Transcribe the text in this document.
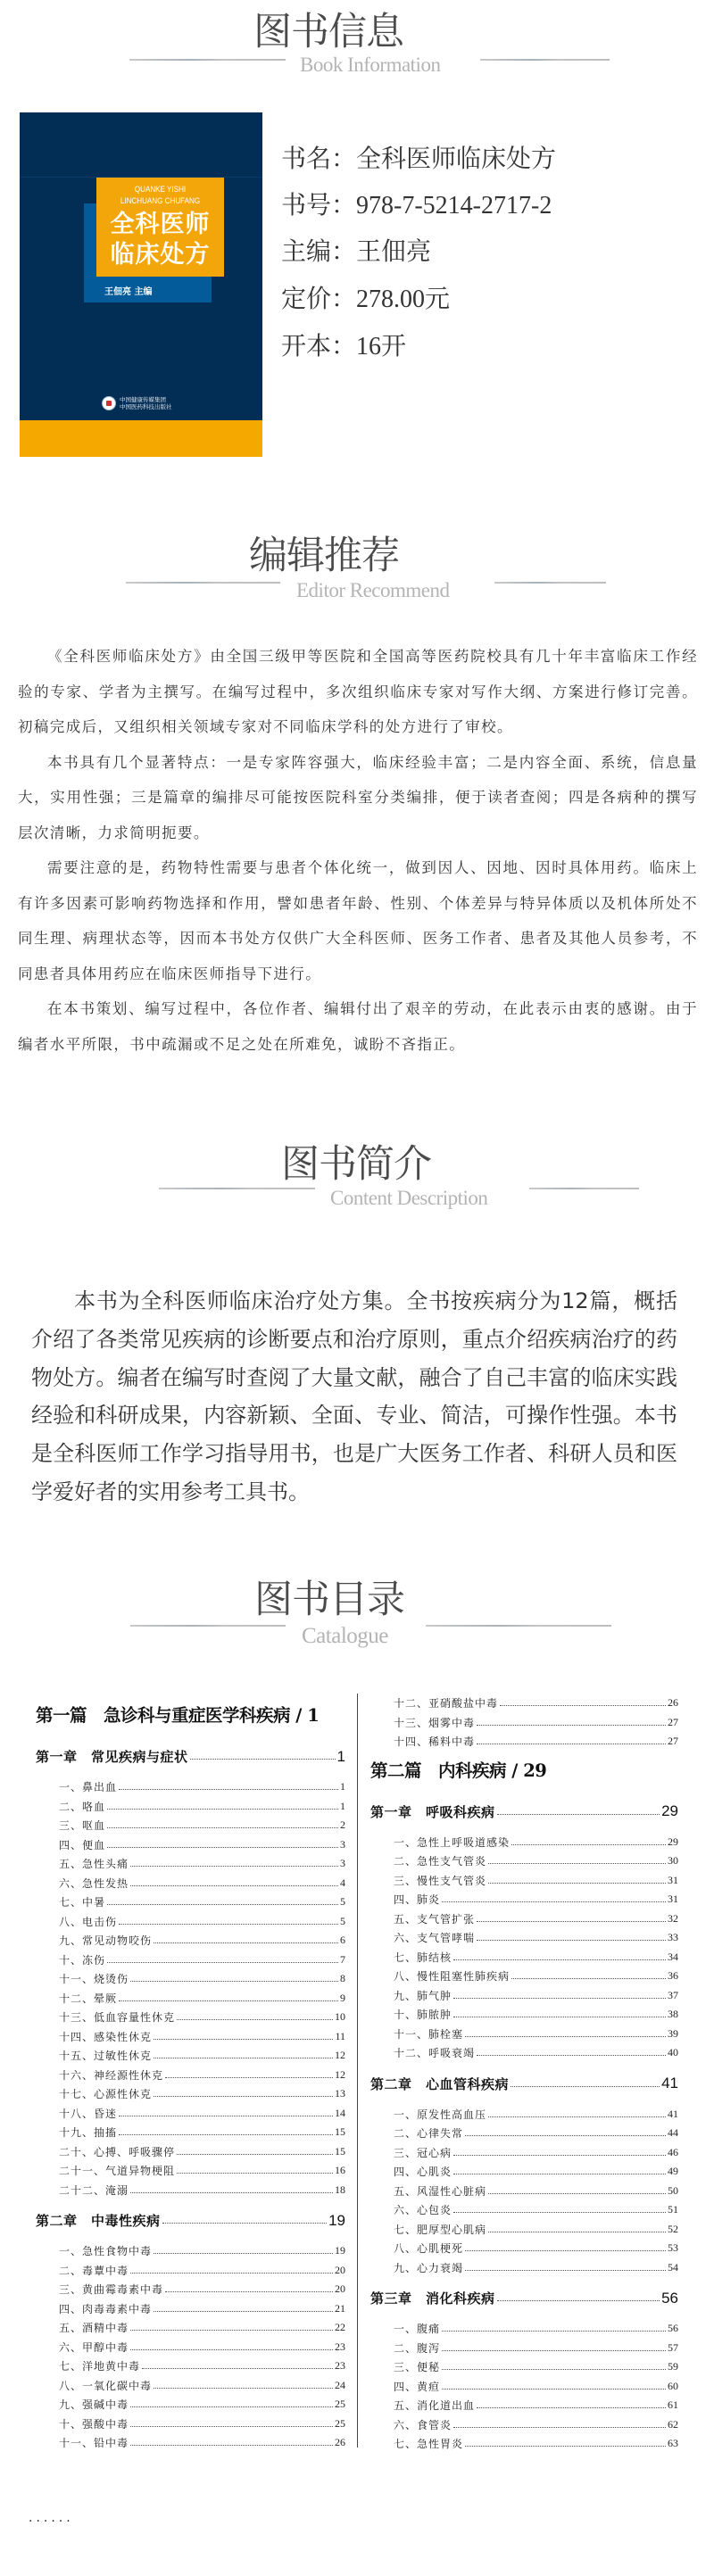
图书信息
Book Information
王佃亮 主编
QUANKE YISHI
LINCHUANG CHUFANG
全科医师
临床处方
中国健康传媒集团
中国医药科技出版社
书名：全科医师临床处方
书号：978-7-5214-2717-2
主编：王佃亮
定价：278.00元
开本：16开
编辑推荐
Editor Recommend

《全科医师临床处方》由全国三级甲等医院和全国高等医药院校具有几十年丰富临床工作经验的专家、学者为主撰写。在编写过程中，多次组织临床专家对写作大纲、方案进行修订完善。初稿完成后，又组织相关领域专家对不同临床学科的处方进行了审校。

本书具有几个显著特点：一是专家阵容强大，临床经验丰富；二是内容全面、系统，信息量大，实用性强；三是篇章的编排尽可能按医院科室分类编排，便于读者查阅；四是各病种的撰写层次清晰，力求简明扼要。

需要注意的是，药物特性需要与患者个体化统一，做到因人、因地、因时具体用药。临床上有许多因素可影响药物选择和作用，譬如患者年龄、性别、个体差异与特异体质以及机体所处不同生理、病理状态等，因而本书处方仅供广大全科医师、医务工作者、患者及其他人员参考，不同患者具体用药应在临床医师指导下进行。

在本书策划、编写过程中，各位作者、编辑付出了艰辛的劳动，在此表示由衷的感谢。由于编者水平所限，书中疏漏或不足之处在所难免，诚盼不吝指正。

图书简介
Content Description

本书为全科医师临床治疗处方集。全书按疾病分为12篇，概括介绍了各类常见疾病的诊断要点和治疗原则，重点介绍疾病治疗的药物处方。编者在编写时查阅了大量文献，融合了自己丰富的临床实践经验和科研成果，内容新颖、全面、专业、简洁，可操作性强。本书是全科医师工作学习指导用书，也是广大医务工作者、科研人员和医学爱好者的实用参考工具书。

图书目录
Catalogue
第一篇　急诊科与重症医学科疾病 / 1
第一章　常见疾病与症状	1
一、鼻出血	1
二、咯血	1
三、呕血	2
四、便血	3
五、急性头痛	3
六、急性发热	4
七、中暑	5
八、电击伤	5
九、常见动物咬伤	6
十、冻伤	7
十一、烧烫伤	8
十二、晕厥	9
十三、低血容量性休克	10
十四、感染性休克	11
十五、过敏性休克	12
十六、神经源性休克	12
十七、心源性休克	13
十八、昏迷	14
十九、抽搐	15
二十、心搏、呼吸骤停	15
二十一、气道异物梗阻	16
二十二、淹溺	18
第二章　中毒性疾病	19
一、急性食物中毒	19
二、毒蕈中毒	20
三、黄曲霉毒素中毒	20
四、肉毒毒素中毒	21
五、酒精中毒	22
六、甲醇中毒	23
七、洋地黄中毒	23
八、一氧化碳中毒	24
九、强碱中毒	25
十、强酸中毒	25
十一、铅中毒	26
十二、亚硝酸盐中毒	26
十三、烟雾中毒	27
十四、稀料中毒	27
第二篇　内科疾病 / 29
第一章　呼吸科疾病	29
一、急性上呼吸道感染	29
二、急性支气管炎	30
三、慢性支气管炎	31
四、肺炎	31
五、支气管扩张	32
六、支气管哮喘	33
七、肺结核	34
八、慢性阻塞性肺疾病	36
九、肺气肿	37
十、肺脓肿	38
十一、肺栓塞	39
十二、呼吸衰竭	40
第二章　心血管科疾病	41
一、原发性高血压	41
二、心律失常	44
三、冠心病	46
四、心肌炎	49
五、风湿性心脏病	50
六、心包炎	51
七、肥厚型心肌病	52
八、心肌梗死	53
九、心力衰竭	54
第三章　消化科疾病	56
一、腹痛	56
二、腹泻	57
三、便秘	59
四、黄疸	60
五、消化道出血	61
六、食管炎	62
七、急性胃炎	63
······
